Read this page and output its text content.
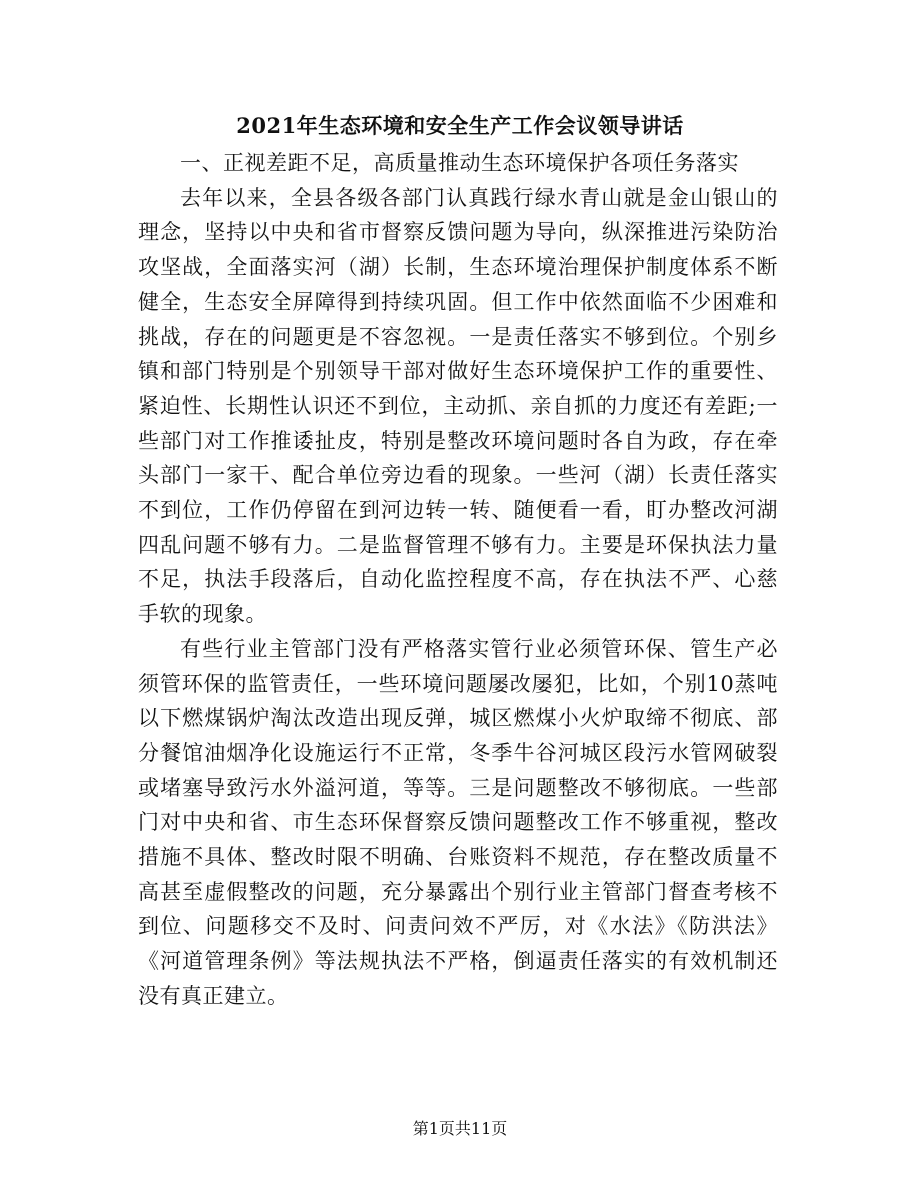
2021年生态环境和安全生产工作会议领导讲话

一、正视差距不足，高质量推动生态环境保护各项任务落实

去年以来，全县各级各部门认真践行绿水青山就是金山银山的理念，坚持以中央和省市督察反馈问题为导向，纵深推进污染防治攻坚战，全面落实河（湖）长制，生态环境治理保护制度体系不断健全，生态安全屏障得到持续巩固。但工作中依然面临不少困难和挑战，存在的问题更是不容忽视。一是责任落实不够到位。个别乡镇和部门特别是个别领导干部对做好生态环境保护工作的重要性、紧迫性、长期性认识还不到位，主动抓、亲自抓的力度还有差距;一些部门对工作推诿扯皮，特别是整改环境问题时各自为政，存在牵头部门一家干、配合单位旁边看的现象。一些河（湖）长责任落实不到位，工作仍停留在到河边转一转、随便看一看，盯办整改河湖四乱问题不够有力。二是监督管理不够有力。主要是环保执法力量不足，执法手段落后，自动化监控程度不高，存在执法不严、心慈手软的现象。

有些行业主管部门没有严格落实管行业必须管环保、管生产必须管环保的监管责任，一些环境问题屡改屡犯，比如，个别10蒸吨以下燃煤锅炉淘汰改造出现反弹，城区燃煤小火炉取缔不彻底、部分餐馆油烟净化设施运行不正常，冬季牛谷河城区段污水管网破裂或堵塞导致污水外溢河道，等等。三是问题整改不够彻底。一些部门对中央和省、市生态环保督察反馈问题整改工作不够重视，整改措施不具体、整改时限不明确、台账资料不规范，存在整改质量不高甚至虚假整改的问题，充分暴露出个别行业主管部门督查考核不到位、问题移交不及时、问责问效不严厉，对《水法》《防洪法》《河道管理条例》等法规执法不严格，倒逼责任落实的有效机制还没有真正建立。

第1页共11页
